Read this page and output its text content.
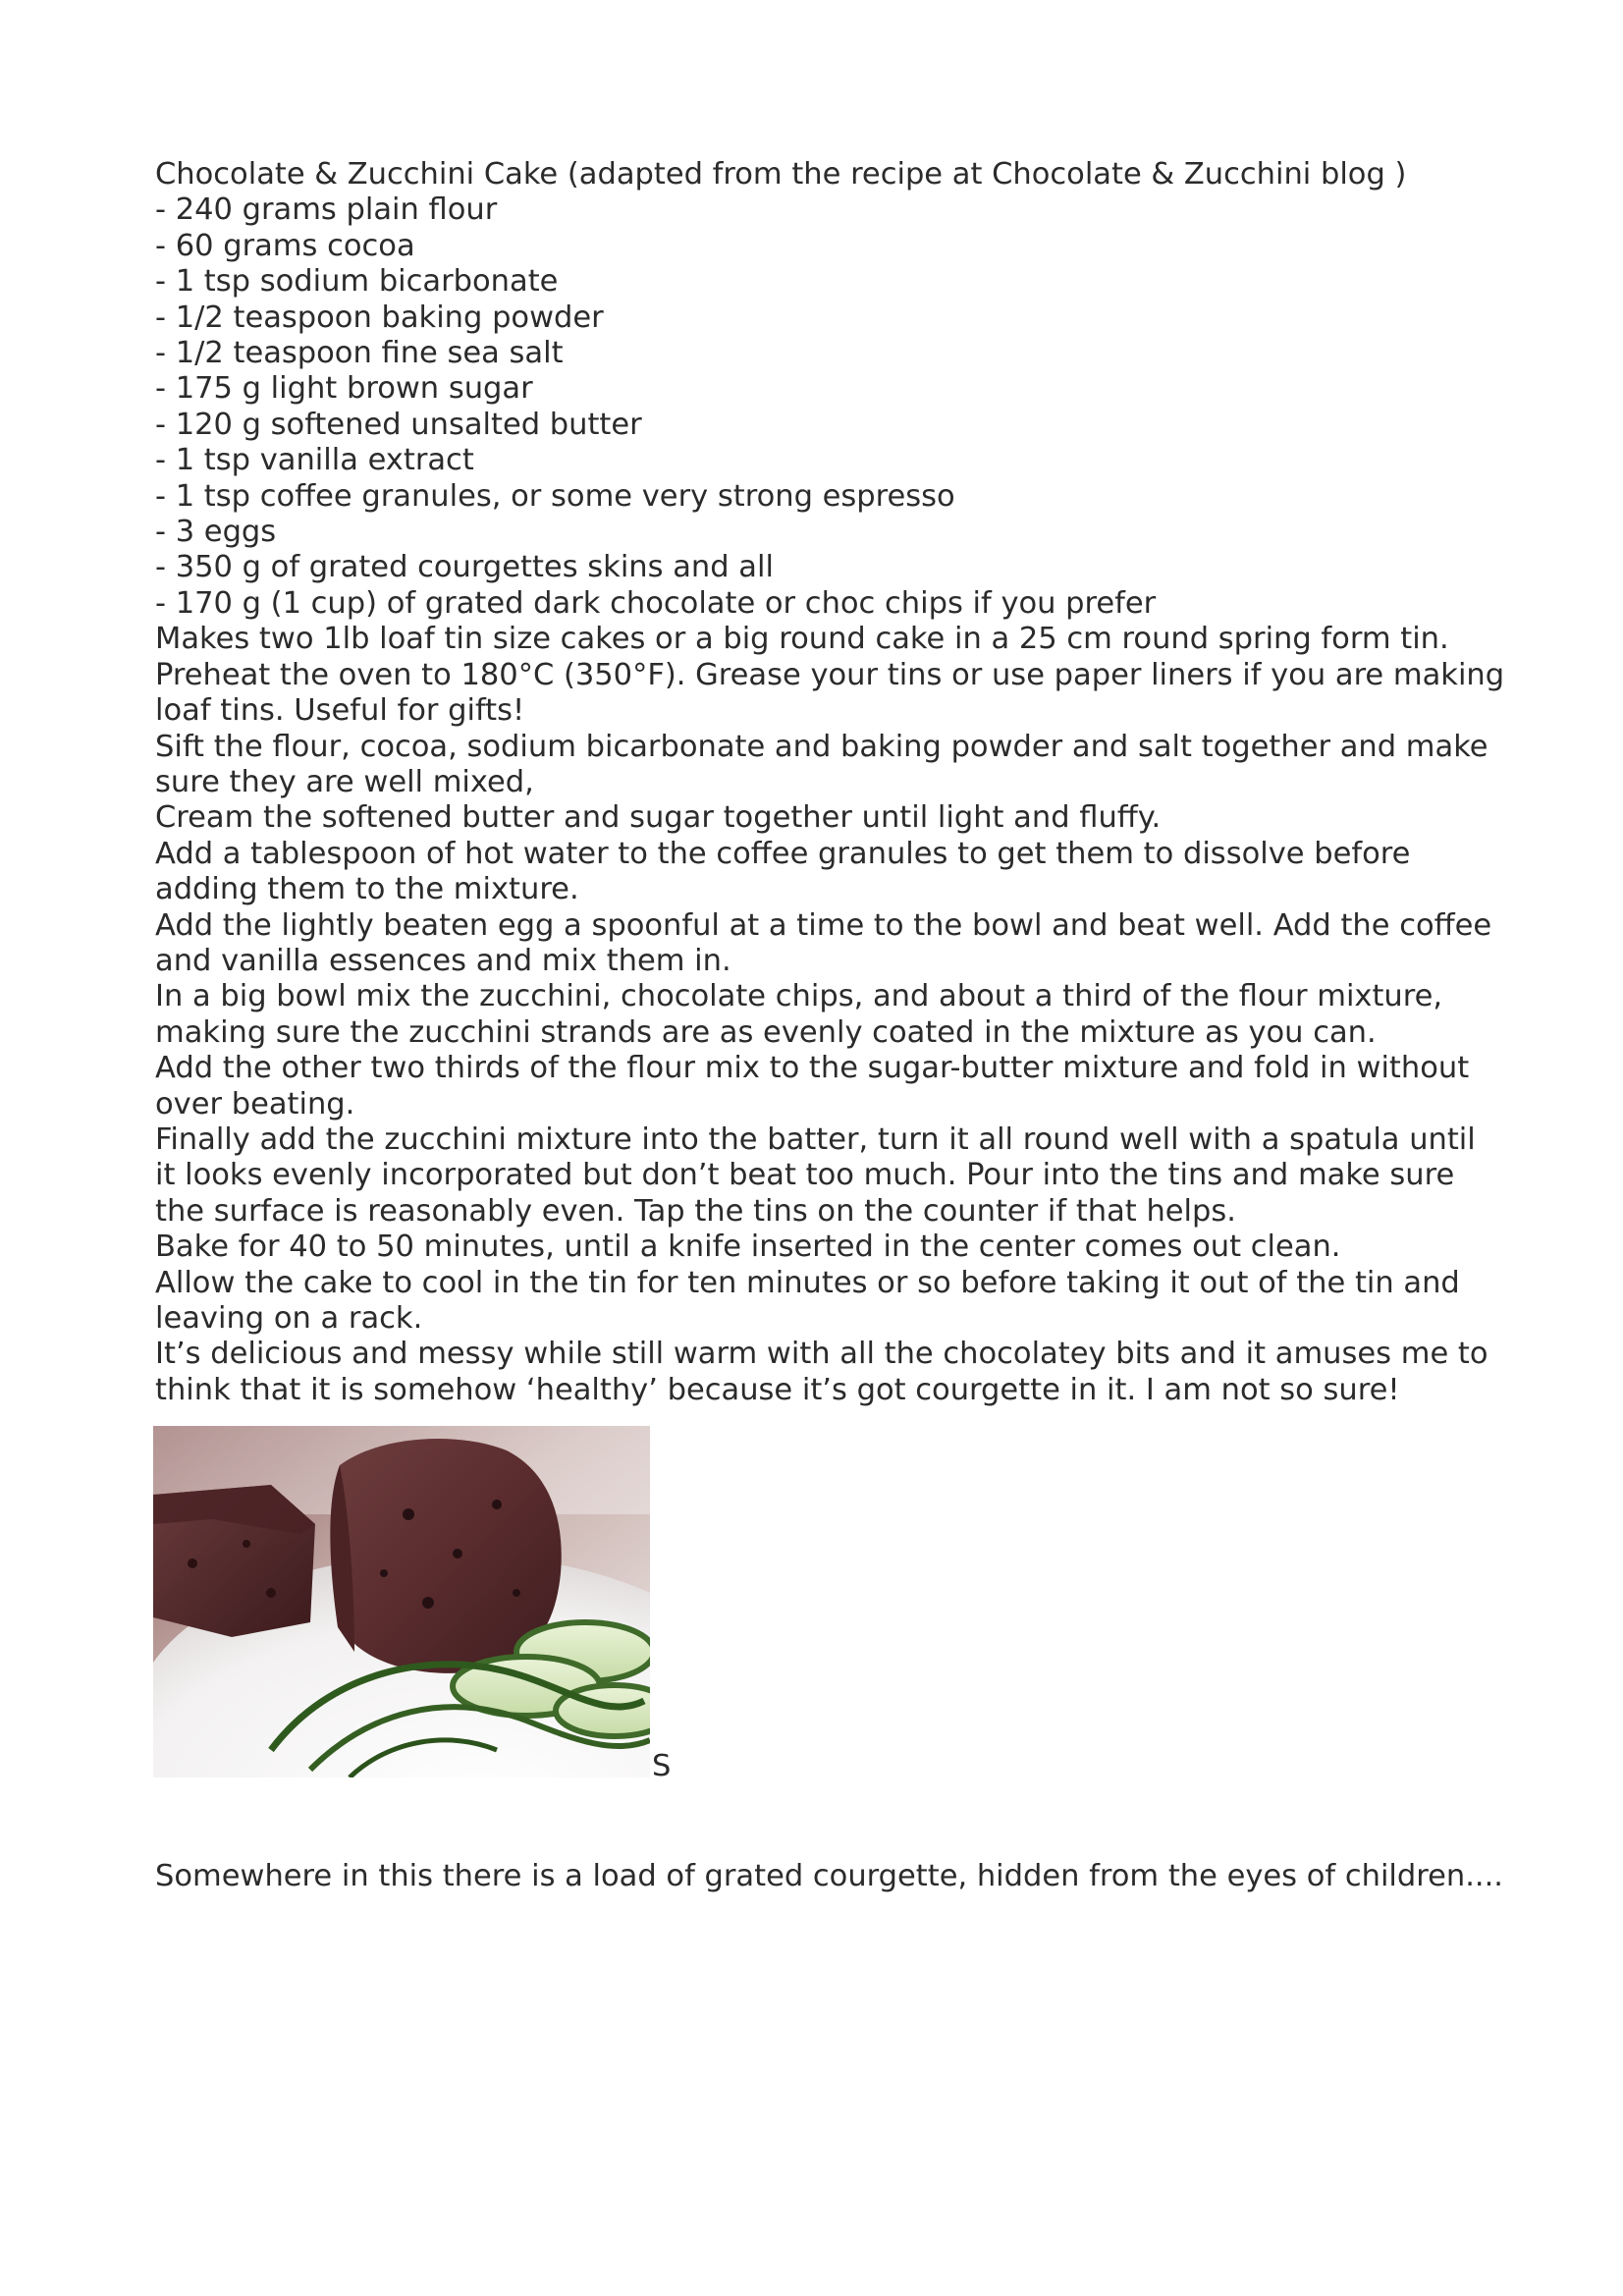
Chocolate & Zucchini Cake (adapted from the recipe at Chocolate & Zucchini blog )
- 240 grams plain flour
- 60 grams cocoa
- 1 tsp sodium bicarbonate
- 1/2 teaspoon baking powder
- 1/2 teaspoon fine sea salt
- 175 g light brown sugar
- 120 g softened unsalted butter
- 1 tsp vanilla extract
- 1 tsp coffee granules, or some very strong espresso
- 3 eggs
- 350 g of grated courgettes skins and all
- 170 g (1 cup) of grated dark chocolate or choc chips if you prefer
Makes two 1lb loaf tin size cakes or a big round cake in a 25 cm round spring form tin.
Preheat the oven to 180°C (350°F). Grease your tins or use paper liners if you are making
loaf tins. Useful for gifts!
Sift the flour, cocoa, sodium bicarbonate and baking powder and salt together and make
sure they are well mixed,
Cream the softened butter and sugar together until light and fluffy.
Add a tablespoon of hot water to the coffee granules to get them to dissolve before
adding them to the mixture.
Add the lightly beaten egg a spoonful at a time to the bowl and beat well. Add the coffee
and vanilla essences and mix them in.
In a big bowl mix the zucchini, chocolate chips, and about a third of the flour mixture,
making sure the zucchini strands are as evenly coated in the mixture as you can.
Add the other two thirds of the flour mix to the sugar-butter mixture and fold in without
over beating.
Finally add the zucchini mixture into the batter, turn it all round well with a spatula until
it looks evenly incorporated but don’t beat too much. Pour into the tins and make sure
the surface is reasonably even. Tap the tins on the counter if that helps.
Bake for 40 to 50 minutes, until a knife inserted in the center comes out clean.
Allow the cake to cool in the tin for ten minutes or so before taking it out of the tin and
leaving on a rack.
It’s delicious and messy while still warm with all the chocolatey bits and it amuses me to
think that it is somehow ‘healthy’ because it’s got courgette in it. I am not so sure!
S
Somewhere in this there is a load of grated courgette, hidden from the eyes of children....
